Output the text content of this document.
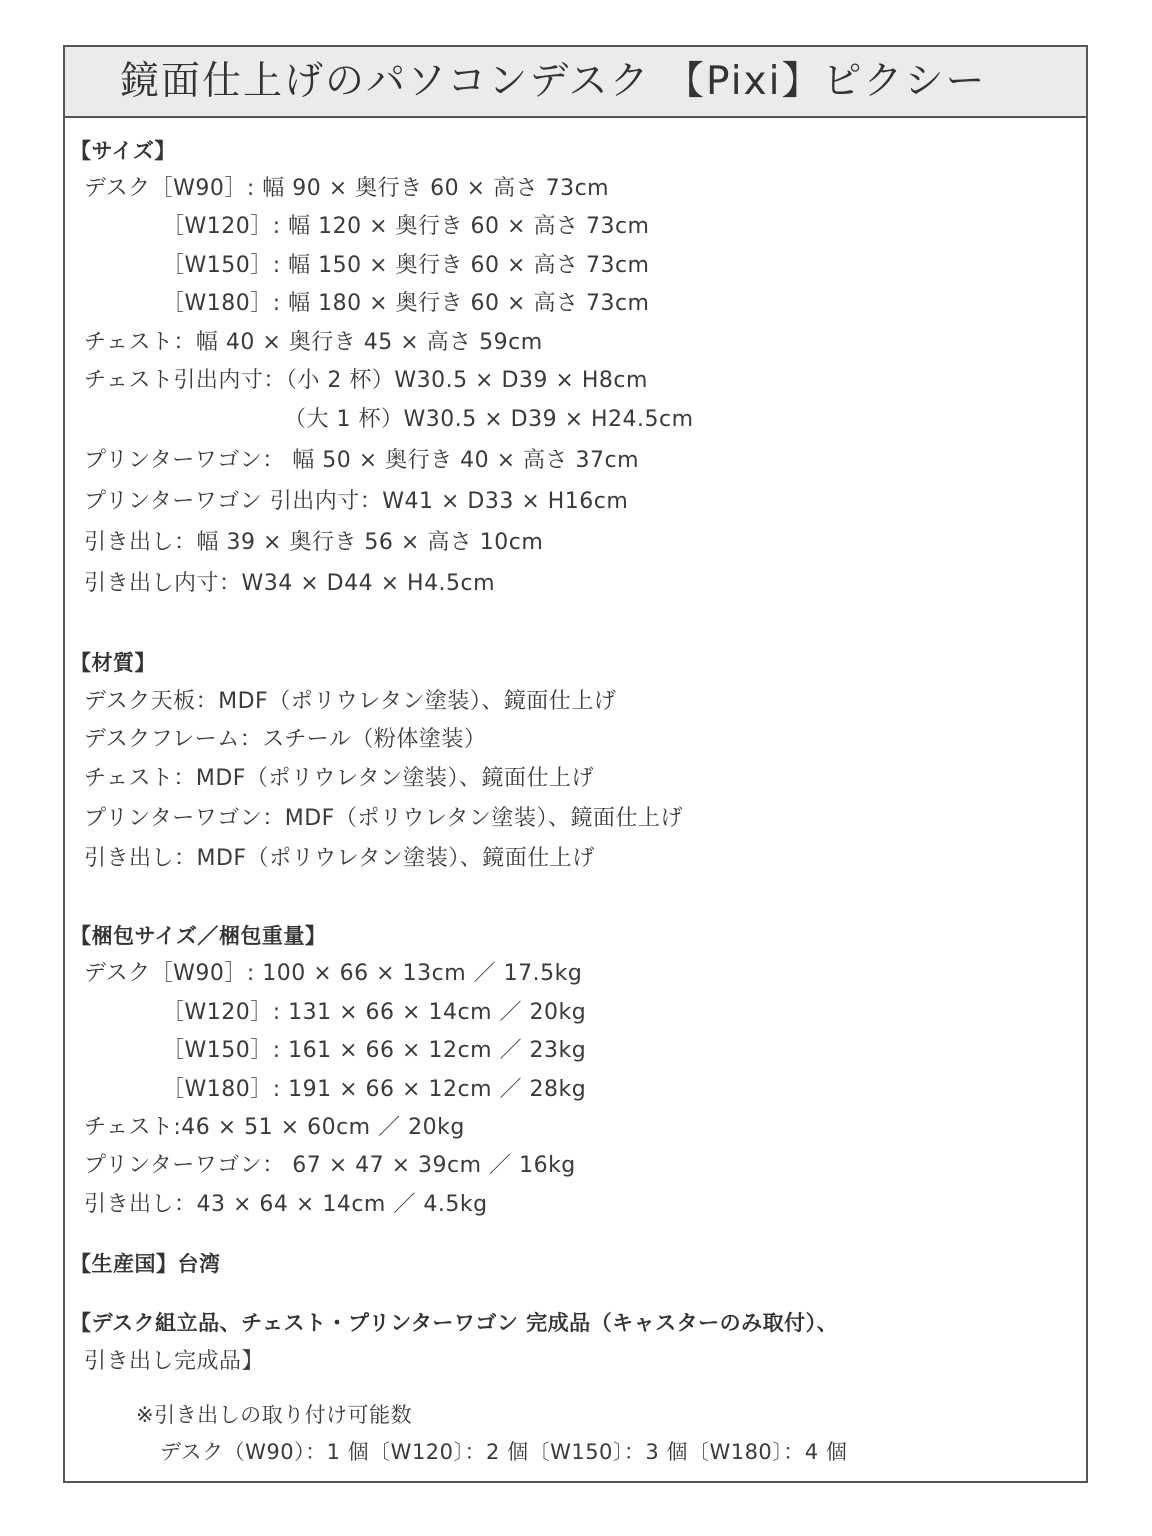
鏡面仕上げのパソコンデスク 【Pixi】ピクシー
【サイズ】
デスク［W90］: 幅 90 × 奥行き 60 × 高さ 73cm
［W120］: 幅 120 × 奥行き 60 × 高さ 73cm
［W150］: 幅 150 × 奥行き 60 × 高さ 73cm
［W180］: 幅 180 × 奥行き 60 × 高さ 73cm
チェスト：幅 40 × 奥行き 45 × 高さ 59cm
チェスト引出内寸：（小 2 杯）W30.5 × D39 × H8cm
（大 1 杯）W30.5 × D39 × H24.5cm
プリンターワゴン： 幅 50 × 奥行き 40 × 高さ 37cm
プリンターワゴン 引出内寸：W41 × D33 × H16cm
引き出し：幅 39 × 奥行き 56 × 高さ 10cm
引き出し内寸：W34 × D44 × H4.5cm
【材質】
デスク天板：MDF（ポリウレタン塗装）、鏡面仕上げ
デスクフレーム：スチール（粉体塗装）
チェスト：MDF（ポリウレタン塗装）、鏡面仕上げ
プリンターワゴン：MDF（ポリウレタン塗装）、鏡面仕上げ
引き出し：MDF（ポリウレタン塗装）、鏡面仕上げ
【梱包サイズ／梱包重量】
デスク［W90］: 100 × 66 × 13cm ／ 17.5kg
［W120］: 131 × 66 × 14cm ／ 20kg
［W150］: 161 × 66 × 12cm ／ 23kg
［W180］: 191 × 66 × 12cm ／ 28kg
チェスト:46 × 51 × 60cm ／ 20kg
プリンターワゴン： 67 × 47 × 39cm ／ 16kg
引き出し：43 × 64 × 14cm ／ 4.5kg
【生産国】台湾
【デスク組立品、チェスト・プリンターワゴン 完成品（キャスターのみ取付）、
引き出し完成品】
※引き出しの取り付け可能数
デスク（W90）：1 個〔W120〕：2 個〔W150〕：3 個〔W180〕：4 個
